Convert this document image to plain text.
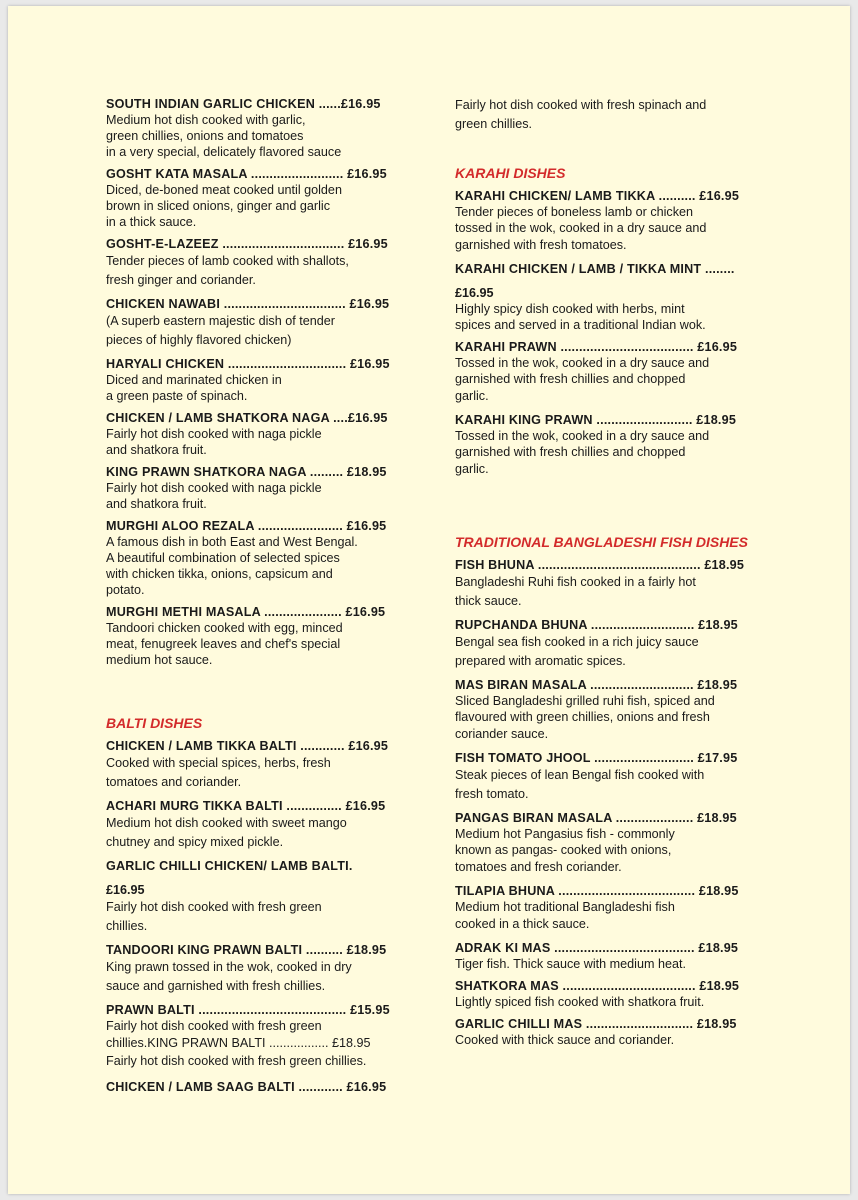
SOUTH INDIAN GARLIC CHICKEN ......£16.95
Medium hot dish cooked with garlic,
green chillies, onions and tomatoes
in a very special, delicately flavored sauce
GOSHT KATA MASALA ......................... £16.95
Diced, de-boned meat cooked until golden
brown in sliced onions, ginger and garlic
in a thick sauce.
GOSHT-E-LAZEEZ ................................. £16.95
Tender pieces of lamb cooked with shallots,
fresh ginger and coriander.
CHICKEN NAWABI ................................. £16.95
(A superb eastern majestic dish of tender
pieces of highly flavored chicken)
HARYALI CHICKEN ................................ £16.95
Diced and marinated chicken in
a green paste of spinach.
CHICKEN / LAMB SHATKORA NAGA ....£16.95
Fairly hot dish cooked with naga pickle
and shatkora fruit.
KING PRAWN SHATKORA NAGA ......... £18.95
Fairly hot dish cooked with naga pickle
and shatkora fruit.
MURGHI ALOO REZALA ....................... £16.95
A famous dish in both East and West Bengal.
A beautiful combination of selected spices
with chicken tikka, onions, capsicum and
potato.
MURGHI METHI MASALA ..................... £16.95
Tandoori chicken cooked with egg, minced
meat, fenugreek leaves and chef's special
medium hot sauce.
BALTI DISHES
CHICKEN / LAMB TIKKA BALTI ............ £16.95
Cooked with special spices, herbs, fresh
tomatoes and coriander.
ACHARI MURG TIKKA BALTI ............... £16.95
Medium hot dish cooked with sweet mango
chutney and spicy mixed pickle.
GARLIC CHILLI CHICKEN/ LAMB BALTI.
£16.95
Fairly hot dish cooked with fresh green
chillies.
TANDOORI KING PRAWN BALTI .......... £18.95
King prawn tossed in the wok, cooked in dry
sauce and garnished with fresh chillies.
PRAWN BALTI ........................................ £15.95
Fairly hot dish cooked with fresh green
chillies.KING PRAWN BALTI ................. £18.95
Fairly hot dish cooked with fresh green chillies.
CHICKEN / LAMB SAAG BALTI ............ £16.95
Fairly hot dish cooked with fresh spinach and
green chillies.
KARAHI DISHES
KARAHI CHICKEN/ LAMB TIKKA .......... £16.95
Tender pieces of boneless lamb or chicken
tossed in the wok, cooked in a dry sauce and
garnished with fresh tomatoes.
KARAHI CHICKEN / LAMB / TIKKA MINT ........
£16.95
Highly spicy dish cooked with herbs, mint
spices and served in a traditional Indian wok.
KARAHI PRAWN .................................... £16.95
Tossed in the wok, cooked in a dry sauce and
garnished with fresh chillies and chopped
garlic.
KARAHI KING PRAWN .......................... £18.95
Tossed in the wok, cooked in a dry sauce and
garnished with fresh chillies and chopped
garlic.
TRADITIONAL BANGLADESHI FISH DISHES
FISH BHUNA ............................................ £18.95
Bangladeshi Ruhi fish cooked in a fairly hot
thick sauce.
RUPCHANDA BHUNA ............................ £18.95
Bengal sea fish cooked in a rich juicy sauce
prepared with aromatic spices.
MAS BIRAN MASALA ............................ £18.95
Sliced Bangladeshi grilled ruhi fish, spiced and
flavoured with green chillies, onions and fresh
coriander sauce.
FISH TOMATO JHOOL ........................... £17.95
Steak pieces of lean Bengal fish cooked with
fresh tomato.
PANGAS BIRAN MASALA ..................... £18.95
Medium hot Pangasius fish - commonly
known as pangas- cooked with onions,
tomatoes and fresh coriander.
TILAPIA BHUNA ..................................... £18.95
Medium hot traditional Bangladeshi fish
cooked in a thick sauce.
ADRAK KI MAS ...................................... £18.95
Tiger fish. Thick sauce with medium heat.
SHATKORA MAS .................................... £18.95
Lightly spiced fish cooked with shatkora fruit.
GARLIC CHILLI MAS ............................. £18.95
Cooked with thick sauce and coriander.
